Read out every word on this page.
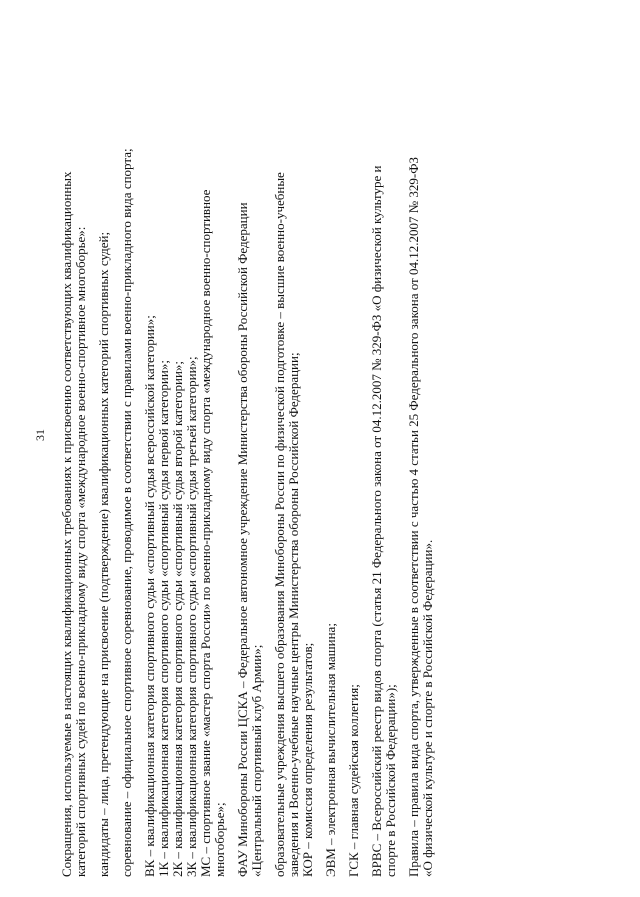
31 Сокращения, используемые в настоящих квалификационных требованиях к присвоению соответствующих квалификационных категорий спортивных судей по военно-прикладному виду спорта «международное военно-спортивное многоборье»: кандидаты – лица, претендующие на присвоение (подтверждение) квалификационных категорий спортивных судей; соревнование – официальное спортивное соревнование, проводимое в соответствии с правилами военно-прикладного вида спорта; ВК – квалификационная категория спортивного судьи «спортивный судья всероссийской категории»; 1К – квалификационная категория спортивного судьи «спортивный судья первой категории»; 2К – квалификационная категория спортивного судьи «спортивный судья второй категории»; 3К – квалификационная категория спортивного судьи «спортивный судья третьей категории»; МС – спортивное звание «мастер спорта России» по военно-прикладному виду спорта «международное военно-спортивное многоборье»; ФАУ Минобороны России ЦСКА – Федеральное автономное учреждение Министерства обороны Российской Федерации «Центральный спортивный клуб Армии»; образовательные учреждения высшего образования Минобороны России по физической подготовке – высшие военно-учебные заведения и Военно-учебные научные центры Министерства обороны Российской Федерации; КОР – комиссия определения результатов; ЭВМ – электронная вычислительная машина; ГСК – главная судейская коллегия; ВРВС – Всероссийский реестр видов спорта (статья 21 Федерального закона от 04.12.2007 № 329-ФЗ «О физической культуре и спорте в Российской Федерации»); Правила – правила вида спорта, утвержденные в соответствии с частью 4 статьи 25 Федерального закона от 04.12.2007 № 329-ФЗ «О физической культуре и спорте в Российской Федерации».
